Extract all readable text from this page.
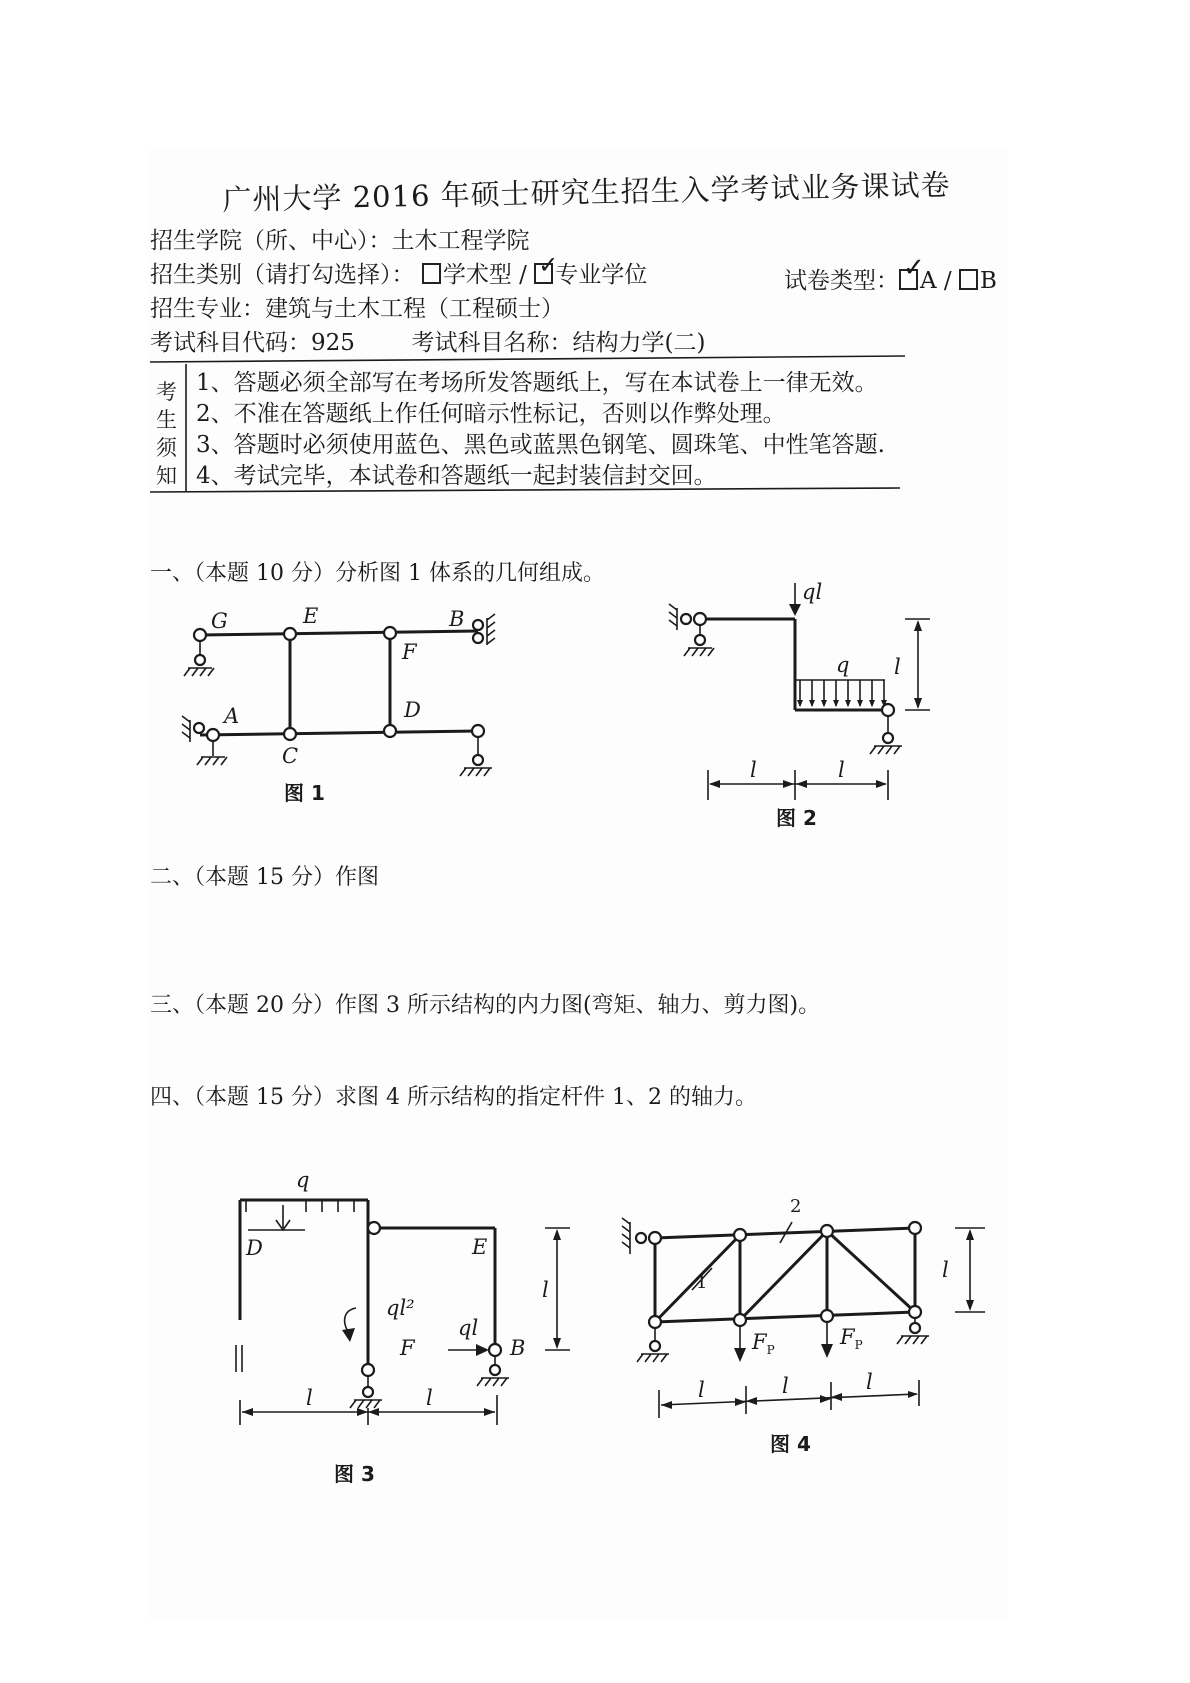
广州大学 2016 年硕士研究生招生入学考试业务课试卷
招生学院（所、中心）：土木工程学院
招生类别（请打勾选择）： 学术型 / ✓
专业学位	试卷类型： ✓
A / B
招生专业：建筑与土木工程（工程硕士）
考试科目代码：925 考试科目名称：结构力学(二)
考
生
须
知
1、答题必须全部写在考场所发答题纸上，写在本试卷上一律无效。
2、不准在答题纸上作任何暗示性标记，否则以作弊处理。
3、答题时必须使用蓝色、黑色或蓝黑色钢笔、圆珠笔、中性笔答题.
4、考试完毕，本试卷和答题纸一起封装信封交回。
一、（本题 10 分）分析图 1 体系的几何组成。
二、（本题 15 分）作图
三、（本题 20 分）作图 3 所示结构的内力图(弯矩、轴力、剪力图)。
四、（本题 15 分）求图 4 所示结构的指定杆件 1、2 的轴力。
G	E	B
F
A	D
C
图 1
ql
q l
l	l
图 2
q
D	E
ql²
F
ql
B
l
l	l
图 3
1
2
$F_P$
$F_P$
l
l	l	l
图 4
